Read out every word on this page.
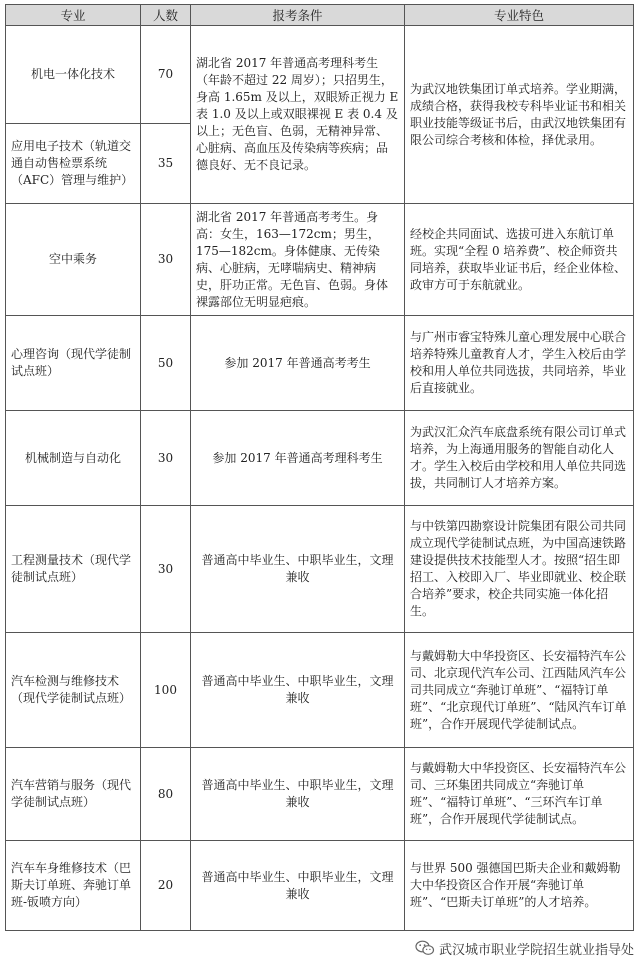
专业	人数	报考条件	专业特色
机电一体化技术	70	湖北省 2017 年普通高考理科考生（年龄不超过 22 周岁）；只招男生，身高 1.65m 及以上，双眼矫正视力 E 表 1.0 及以上或双眼裸视 E 表 0.4 及以上；无色盲、色弱，无精神异常、心脏病、高血压及传染病等疾病；品德良好、无不良记录。	为武汉地铁集团订单式培养。学业期满，成绩合格，获得我校专科毕业证书和相关职业技能等级证书后，由武汉地铁集团有限公司综合考核和体检，择优录用。
应用电子技术（轨道交通自动售检票系统（AFC）管理与维护）	35		
空中乘务	30	湖北省 2017 年普通高考考生。身高：女生，163—172cm；男生，175—182cm。身体健康、无传染病、心脏病，无哮喘病史、精神病史，肝功正常。无色盲、色弱。身体裸露部位无明显疤痕。	经校企共同面试、选拔可进入东航订单班。实现“全程 0 培养费”、校企师资共同培养，获取毕业证书后，经企业体检、政审方可于东航就业。
心理咨询（现代学徒制试点班）	50	参加 2017 年普通高考考生	与广州市睿宝特殊儿童心理发展中心联合培养特殊儿童教育人才，学生入校后由学校和用人单位共同选拔，共同培养，毕业后直接就业。
机械制造与自动化	30	参加 2017 年普通高考理科考生	为武汉汇众汽车底盘系统有限公司订单式培养，为上海通用服务的智能自动化人才。学生入校后由学校和用人单位共同选拔，共同制订人才培养方案。
工程测量技术（现代学徒制试点班）	30	普通高中毕业生、中职毕业生，文理兼收	与中铁第四勘察设计院集团有限公司共同成立现代学徒制试点班，为中国高速铁路建设提供技术技能型人才。按照“招生即招工、入校即入厂、毕业即就业、校企联合培养”要求，校企共同实施一体化招生。
汽车检测与维修技术（现代学徒制试点班）	100	普通高中毕业生、中职毕业生，文理兼收	与戴姆勒大中华投资区、长安福特汽车公司、北京现代汽车公司、江西陆风汽车公司共同成立“奔驰订单班”、“福特订单班”、“北京现代订单班”、“陆风汽车订单班”，合作开展现代学徒制试点。
汽车营销与服务（现代学徒制试点班）	80	普通高中毕业生、中职毕业生，文理兼收	与戴姆勒大中华投资区、长安福特汽车公司、三环集团共同成立“奔驰订单班”、“福特订单班”、“三环汽车订单班”，合作开展现代学徒制试点。
汽车车身维修技术（巴斯夫订单班、奔驰订单班-钣喷方向）	20	普通高中毕业生、中职毕业生，文理兼收	与世界 500 强德国巴斯夫企业和戴姆勒大中华投资区合作开展“奔驰订单班”、“巴斯夫订单班”的人才培养。
武汉城市职业学院招生就业指导处
